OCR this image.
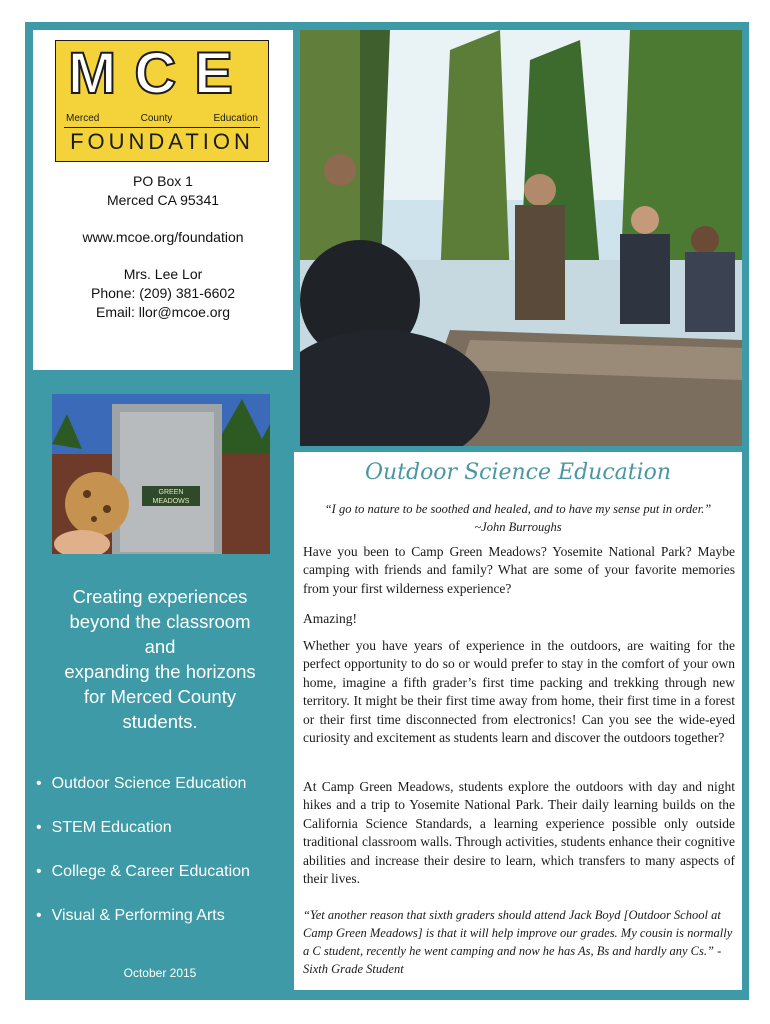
MCE
Merced	County	Education
FOUNDATION
PO Box 1
Merced CA 95341
www.mcoe.org/foundation
Mrs. Lee Lor
Phone: (209) 381-6602
Email: llor@mcoe.org
GREEN
MEADOWS
Creating experiences
beyond the classroom
and
expanding the horizons
for Merced County
students.
• Outdoor Science Education
• STEM Education
• College & Career Education
• Visual & Performing Arts
October 2015
Outdoor Science Education
“I go to nature to be soothed and healed, and to have my sense put in order.”
~John Burroughs

Have you been to Camp Green Meadows? Yosemite National Park? Maybe camping with friends and family? What are some of your favorite memories from your first wilderness experience?

Amazing!

Whether you have years of experience in the outdoors, are waiting for the perfect opportunity to do so or would prefer to stay in the comfort of your own home, imagine a fifth grader’s first time packing and trekking through new territory. It might be their first time away from home, their first time in a forest or their first time disconnected from electronics! Can you see the wide-eyed curiosity and excitement as students learn and discover the outdoors together?

At Camp Green Meadows, students explore the outdoors with day and night hikes and a trip to Yosemite National Park. Their daily learning builds on the California Science Standards, a learning experience possible only outside traditional classroom walls. Through activities, students enhance their cognitive abilities and increase their desire to learn, which transfers to many aspects of their lives.

“Yet another reason that sixth graders should attend Jack Boyd [Outdoor School at Camp Green Meadows] is that it will help improve our grades. My cousin is normally a C student, recently he went camping and now he has As, Bs and hardly any Cs.” -Sixth Grade Student
